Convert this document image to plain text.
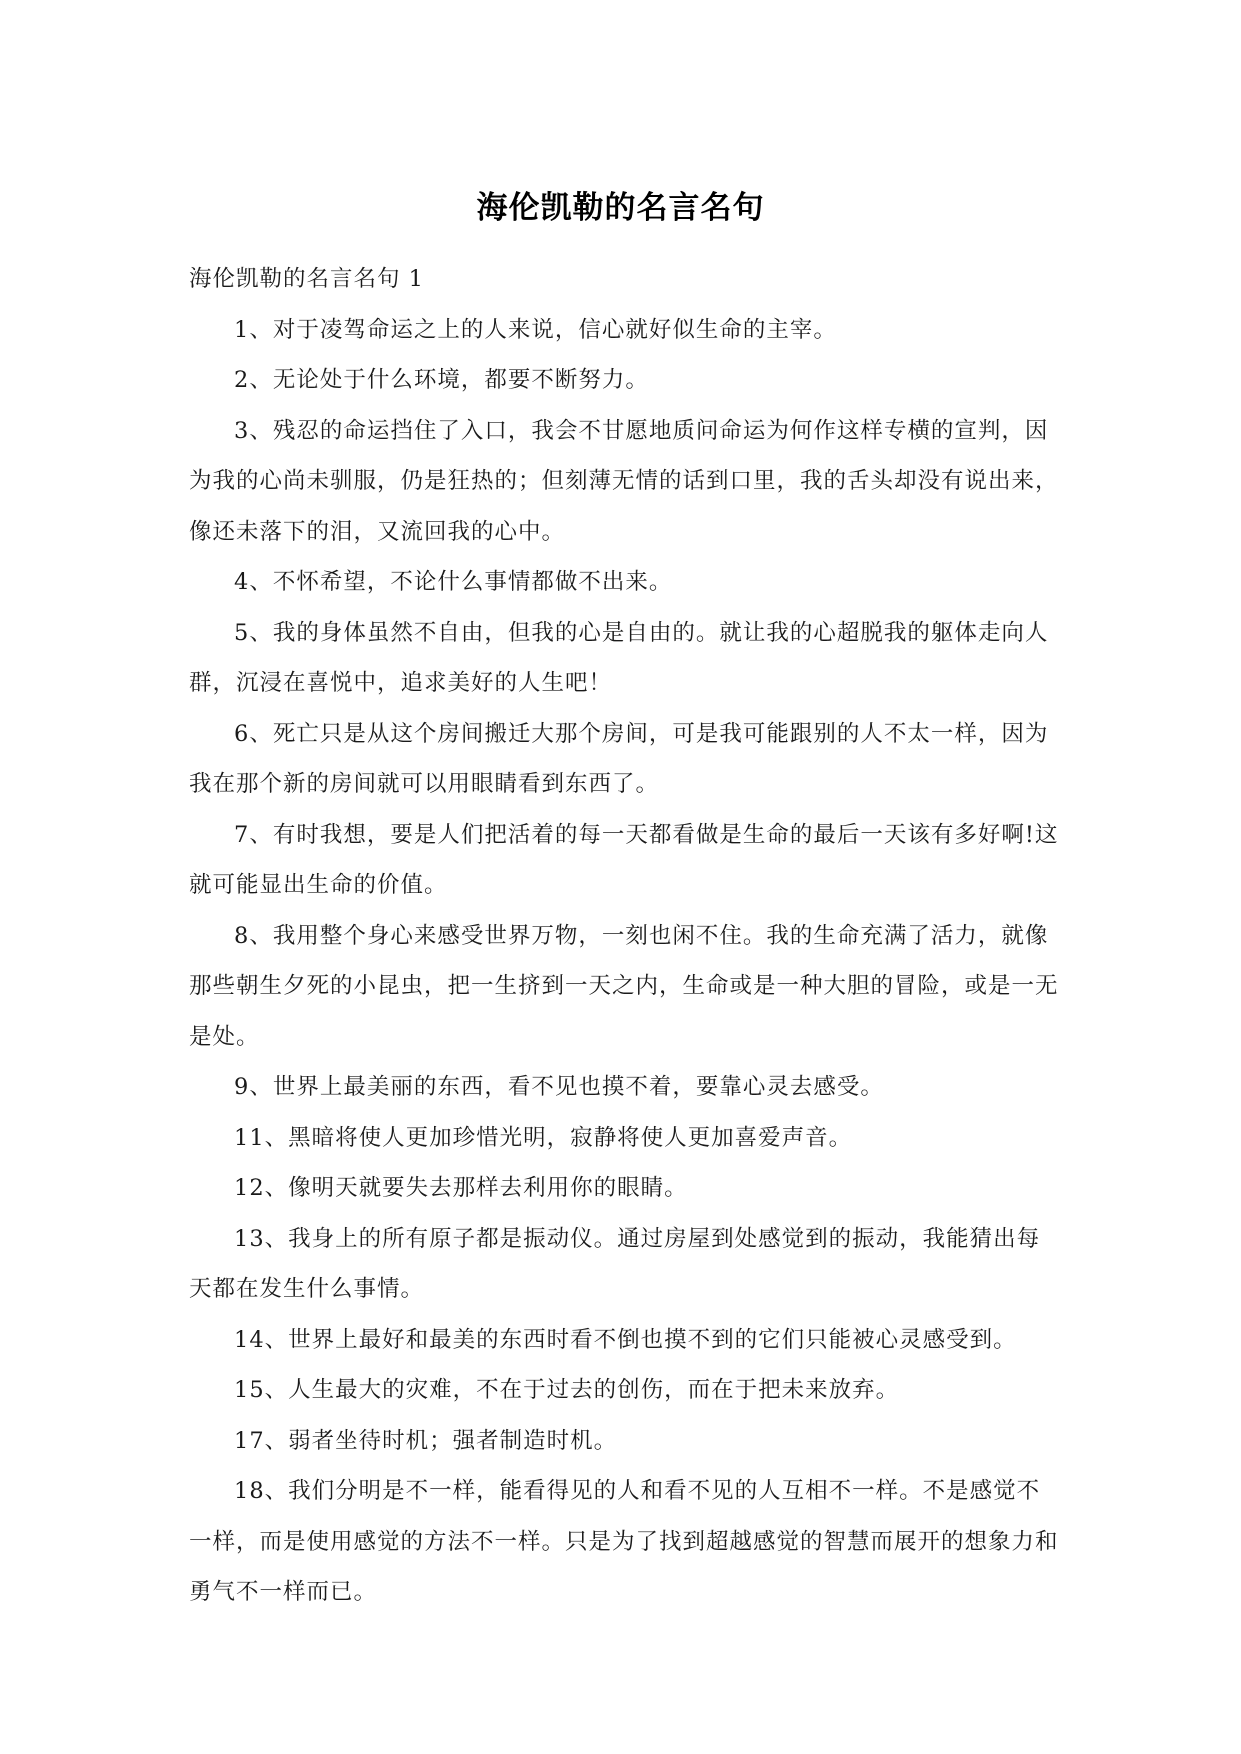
海伦凯勒的名言名句

海伦凯勒的名言名句 1

1、对于凌驾命运之上的人来说，信心就好似生命的主宰。

2、无论处于什么环境，都要不断努力。

3、残忍的命运挡住了入口，我会不甘愿地质问命运为何作这样专横的宣判，因为我的心尚未驯服，仍是狂热的；但刻薄无情的话到口里，我的舌头却没有说出来，像还未落下的泪，又流回我的心中。

4、不怀希望，不论什么事情都做不出来。

5、我的身体虽然不自由，但我的心是自由的。就让我的心超脱我的躯体走向人群，沉浸在喜悦中，追求美好的人生吧！

6、死亡只是从这个房间搬迁大那个房间，可是我可能跟别的人不太一样，因为我在那个新的房间就可以用眼睛看到东西了。

7、有时我想，要是人们把活着的每一天都看做是生命的最后一天该有多好啊!这就可能显出生命的价值。

8、我用整个身心来感受世界万物，一刻也闲不住。我的生命充满了活力，就像那些朝生夕死的小昆虫，把一生挤到一天之内，生命或是一种大胆的冒险，或是一无是处。

9、世界上最美丽的东西，看不见也摸不着，要靠心灵去感受。

11、黑暗将使人更加珍惜光明，寂静将使人更加喜爱声音。

12、像明天就要失去那样去利用你的眼睛。

13、我身上的所有原子都是振动仪。通过房屋到处感觉到的振动，我能猜出每天都在发生什么事情。

14、世界上最好和最美的东西时看不倒也摸不到的它们只能被心灵感受到。

15、人生最大的灾难，不在于过去的创伤，而在于把未来放弃。

17、弱者坐待时机；强者制造时机。

18、我们分明是不一样，能看得见的人和看不见的人互相不一样。不是感觉不一样，而是使用感觉的方法不一样。只是为了找到超越感觉的智慧而展开的想象力和勇气不一样而已。
